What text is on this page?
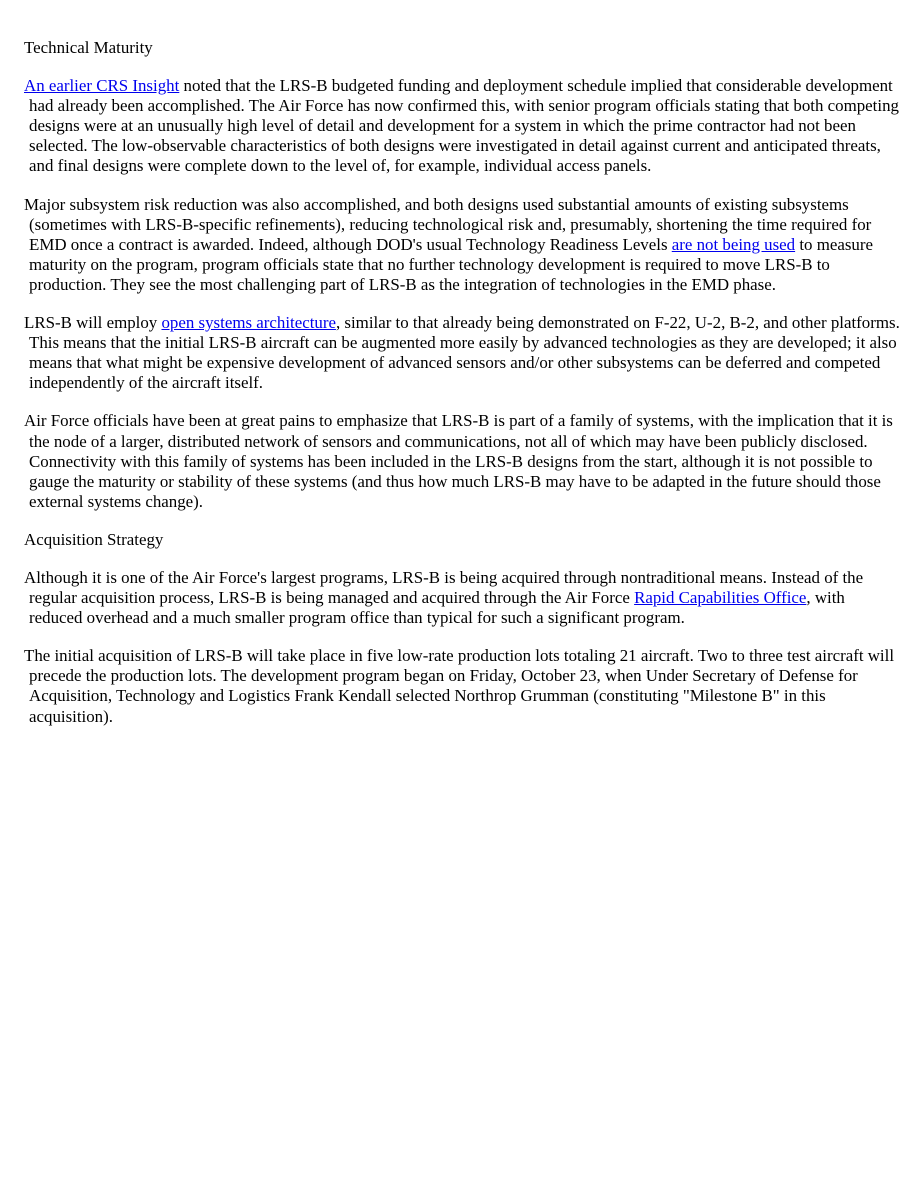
Technical Maturity

An earlier CRS Insight noted that the LRS-B budgeted funding and deployment schedule implied that considerable development had already been accomplished. The Air Force has now confirmed this, with senior program officials stating that both competing designs were at an unusually high level of detail and development for a system in which the prime contractor had not been selected. The low-observable characteristics of both designs were investigated in detail against current and anticipated threats, and final designs were complete down to the level of, for example, individual access panels.

Major subsystem risk reduction was also accomplished, and both designs used substantial amounts of existing subsystems (sometimes with LRS-B-specific refinements), reducing technological risk and, presumably, shortening the time required for EMD once a contract is awarded. Indeed, although DOD's usual Technology Readiness Levels are not being used to measure maturity on the program, program officials state that no further technology development is required to move LRS-B to production. They see the most challenging part of LRS-B as the integration of technologies in the EMD phase.

LRS-B will employ open systems architecture, similar to that already being demonstrated on F-22, U-2, B-2, and other platforms. This means that the initial LRS-B aircraft can be augmented more easily by advanced technologies as they are developed; it also means that what might be expensive development of advanced sensors and/or other subsystems can be deferred and competed independently of the aircraft itself.

Air Force officials have been at great pains to emphasize that LRS-B is part of a family of systems, with the implication that it is the node of a larger, distributed network of sensors and communications, not all of which may have been publicly disclosed. Connectivity with this family of systems has been included in the LRS-B designs from the start, although it is not possible to gauge the maturity or stability of these systems (and thus how much LRS-B may have to be adapted in the future should those external systems change).

Acquisition Strategy

Although it is one of the Air Force's largest programs, LRS-B is being acquired through nontraditional means. Instead of the regular acquisition process, LRS-B is being managed and acquired through the Air Force Rapid Capabilities Office, with reduced overhead and a much smaller program office than typical for such a significant program.

The initial acquisition of LRS-B will take place in five low-rate production lots totaling 21 aircraft. Two to three test aircraft will precede the production lots. The development program began on Friday, October 23, when Under Secretary of Defense for Acquisition, Technology and Logistics Frank Kendall selected Northrop Grumman (constituting "Milestone B" in this acquisition).
